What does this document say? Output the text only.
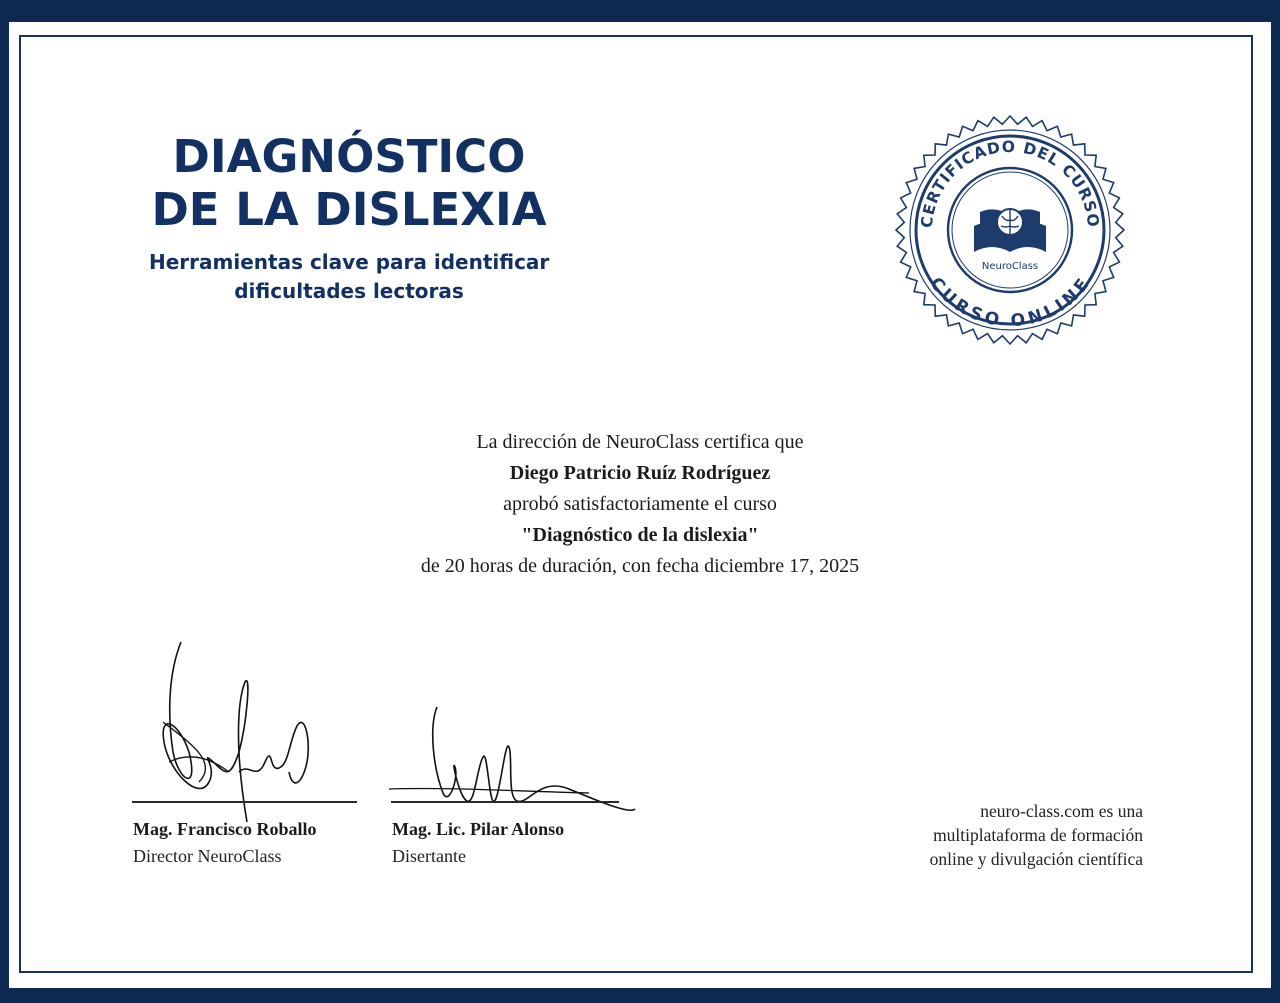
DIAGNÓSTICO
DE LA DISLEXIA
Herramientas clave para identificar
dificultades lectoras
CERTIFICADO DEL CURSO
CURSO ONLINE
NeuroClass
La dirección de NeuroClass certifica que
Diego Patricio Ruíz Rodríguez
aprobó satisfactoriamente el curso
"Diagnóstico de la dislexia"
de 20 horas de duración, con fecha diciembre 17, 2025
Mag. Francisco Roballo
Director NeuroClass
Mag. Lic. Pilar Alonso
Disertante
neuro-class.com es una
multiplataforma de formación
online y divulgación científica
